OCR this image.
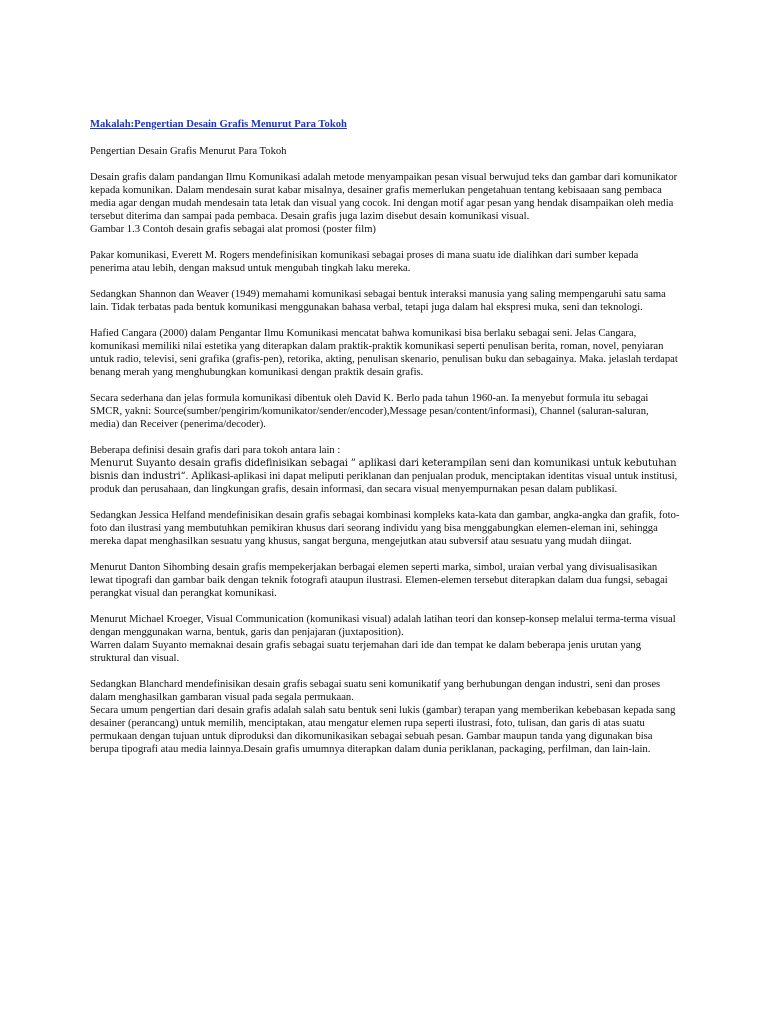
Makalah:Pengertian Desain Grafis Menurut Para Tokoh

Pengertian Desain Grafis Menurut Para Tokoh

Desain grafis dalam pandangan Ilmu Komunikasi adalah metode menyampaikan pesan visual berwujud teks dan gambar dari komunikator kepada komunikan. Dalam mendesain surat kabar misalnya, desainer grafis memerlukan pengetahuan tentang kebisaaan sang pembaca media agar dengan mudah mendesain tata letak dan visual yang cocok. Ini dengan motif agar pesan yang hendak disampaikan oleh media tersebut diterima dan sampai pada pembaca. Desain grafis juga lazim disebut desain komunikasi visual.

Gambar 1.3 Contoh desain grafis sebagai alat promosi (poster film)

Pakar komunikasi, Everett M. Rogers mendefinisikan komunikasi sebagai proses di mana suatu ide dialihkan dari sumber kepada penerima atau lebih, dengan maksud untuk mengubah tingkah laku mereka.

Sedangkan Shannon dan Weaver (1949) memahami komunikasi sebagai bentuk interaksi manusia yang saling mempengaruhi satu sama lain. Tidak terbatas pada bentuk komunikasi menggunakan bahasa verbal, tetapi juga dalam hal ekspresi muka, seni dan teknologi.

Hafied Cangara (2000) dalam Pengantar Ilmu Komunikasi mencatat bahwa komunikasi bisa berlaku sebagai seni. Jelas Cangara, komunikasi memiliki nilai estetika yang diterapkan dalam praktik-praktik komunikasi seperti penulisan berita, roman, novel, penyiaran untuk radio, televisi, seni grafika (grafis-pen), retorika, akting, penulisan skenario, penulisan buku dan sebagainya. Maka. jelaslah terdapat benang merah yang menghubungkan komunikasi dengan praktik desain grafis.

Secara sederhana dan jelas formula komunikasi dibentuk oleh David K. Berlo pada tahun 1960-an. Ia menyebut formula itu sebagai SMCR, yakni: Source(sumber/pengirim/komunikator/sender/encoder),Message pesan/content/informasi), Channel (saluran-saluran, media) dan Receiver (penerima/decoder).

Beberapa definisi desain grafis dari para tokoh antara lain :
Menurut Suyanto desain grafis didefinisikan sebagai ” aplikasi dari keterampilan seni dan komunikasi untuk kebutuhan bisnis dan industri“. Aplikasi-aplikasi ini dapat meliputi periklanan dan penjualan produk, menciptakan identitas visual untuk institusi, produk dan perusahaan, dan lingkungan grafis, desain informasi, dan secara visual menyempurnakan pesan dalam publikasi.

Sedangkan Jessica Helfand mendefinisikan desain grafis sebagai kombinasi kompleks kata-kata dan gambar, angka-angka dan grafik, foto-foto dan ilustrasi yang membutuhkan pemikiran khusus dari seorang individu yang bisa menggabungkan elemen-eleman ini, sehingga mereka dapat menghasilkan sesuatu yang khusus, sangat berguna, mengejutkan atau subversif atau sesuatu yang mudah diingat.

Menurut Danton Sihombing desain grafis mempekerjakan berbagai elemen seperti marka, simbol, uraian verbal yang divisualisasikan lewat tipografi dan gambar baik dengan teknik fotografi ataupun ilustrasi. Elemen-elemen tersebut diterapkan dalam dua fungsi, sebagai perangkat visual dan perangkat komunikasi.

Menurut Michael Kroeger, Visual Communication (komunikasi visual) adalah latihan teori dan konsep-konsep melalui terma-terma visual dengan menggunakan warna, bentuk, garis dan penjajaran (juxtaposition).

Warren dalam Suyanto memaknai desain grafis sebagai suatu terjemahan dari ide dan tempat ke dalam beberapa jenis urutan yang struktural dan visual.

Sedangkan Blanchard mendefinisikan desain grafis sebagai suatu seni komunikatif yang berhubungan dengan industri, seni dan proses dalam menghasilkan gambaran visual pada segala permukaan.

Secara umum pengertian dari desain grafis adalah salah satu bentuk seni lukis (gambar) terapan yang memberikan kebebasan kepada sang desainer (perancang) untuk memilih, menciptakan, atau mengatur elemen rupa seperti ilustrasi, foto, tulisan, dan garis di atas suatu permukaan dengan tujuan untuk diproduksi dan dikomunikasikan sebagai sebuah pesan. Gambar maupun tanda yang digunakan bisa berupa tipografi atau media lainnya.Desain grafis umumnya diterapkan dalam dunia periklanan, packaging, perfilman, dan lain-lain.
